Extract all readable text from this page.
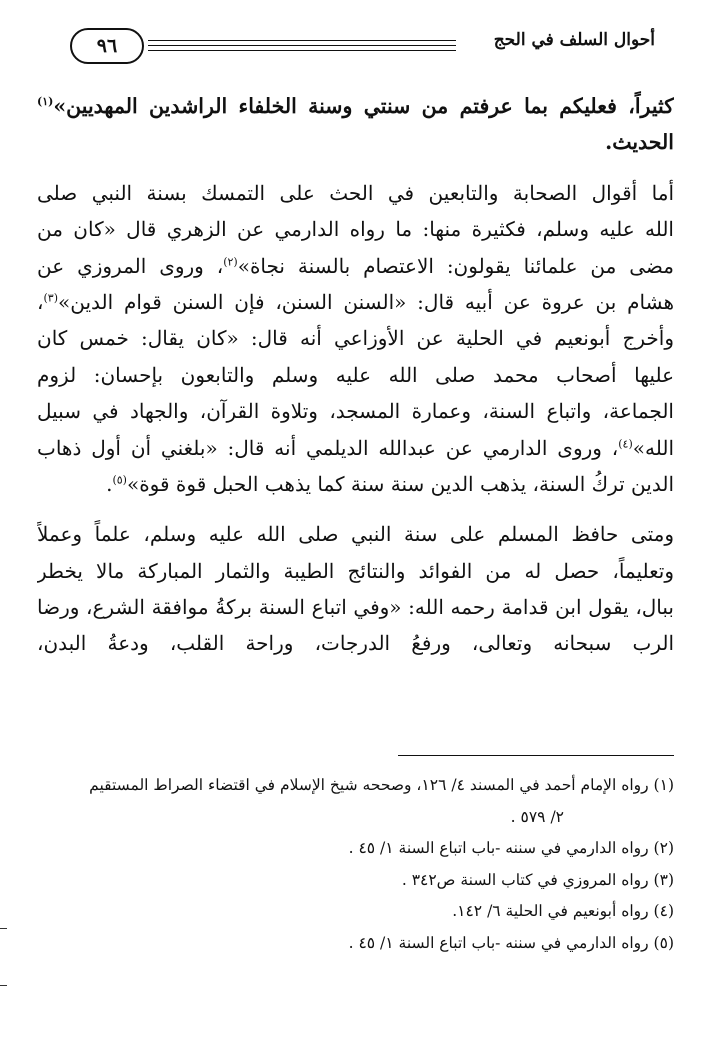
٩٦	أحوال السلف في الحج
كثيراً، فعليكم بما عرفتم من سنتي وسنة الخلفاء الراشدين المهديين»$^{(١)}$
الحديث.
أما أقوال الصحابة والتابعين في الحث على التمسك بسنة النبي صلى
الله عليه وسلم، فكثيرة منها: ما رواه الدارمي عن الزهري قال «كان من
مضى من علمائنا يقولون: الاعتصام بالسنة نجاة»$^{(٢)}$، وروى المروزي عن
هشام بن عروة عن أبيه قال: «السنن السنن، فإن السنن قوام الدين»$^{(٣)}$،
وأخرج أبونعيم في الحلية عن الأوزاعي أنه قال: «كان يقال: خمس كان
عليها أصحاب محمد صلى الله عليه وسلم والتابعون بإحسان: لزوم
الجماعة، واتباع السنة، وعمارة المسجد، وتلاوة القرآن، والجهاد في سبيل
الله»$^{(٤)}$، وروى الدارمي عن عبدالله الديلمي أنه قال: «بلغني أن أول ذهاب
الدين تركُ السنة، يذهب الدين سنة سنة كما يذهب الحبل قوة قوة»$^{(٥)}$.
ومتى حافظ المسلم على سنة النبي صلى الله عليه وسلم، علماً وعملاً
وتعليماً، حصل له من الفوائد والنتائج الطيبة والثمار المباركة مالا يخطر
ببال، يقول ابن قدامة رحمه الله: «وفي اتباع السنة بركةُ موافقة الشرع، ورضا
الرب سبحانه وتعالى، ورفعُ الدرجات، وراحة القلب، ودعةُ البدن،
(١) رواه الإمام أحمد في المسند ٤/ ١٢٦، وصححه شيخ الإسلام في اقتضاء الصراط المستقيم
٢/ ٥٧٩ .
(٢) رواه الدارمي في سننه -باب اتباع السنة ١/ ٤٥ .
(٣) رواه المروزي في كتاب السنة ص٣٤٢ .
(٤) رواه أبونعيم في الحلية ٦/ ١٤٢.
(٥) رواه الدارمي في سننه -باب اتباع السنة ١/ ٤٥ .
